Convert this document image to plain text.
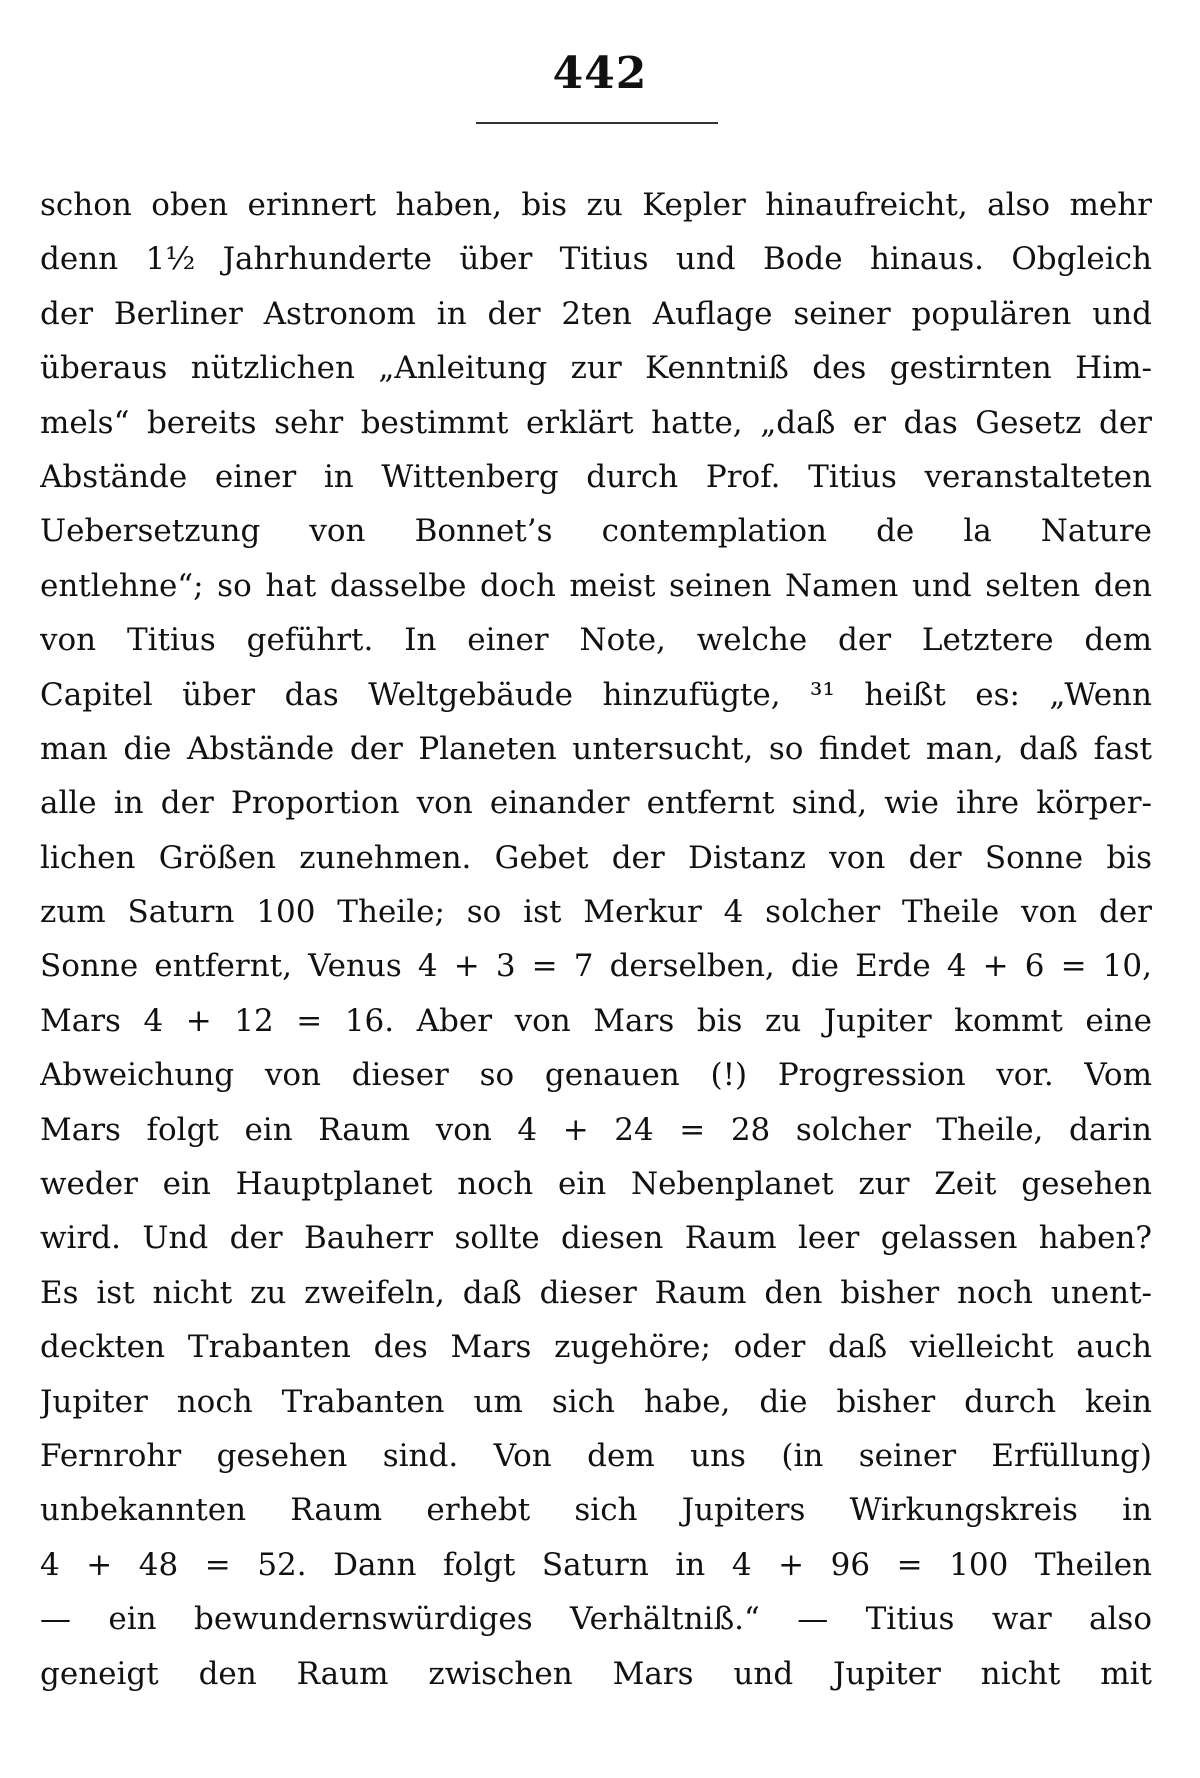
442
schon oben erinnert haben, bis zu Kepler hinaufreicht, also mehr
denn 1½ Jahrhunderte über Titius und Bode hinaus. Obgleich
der Berliner Astronom in der 2ten Auflage seiner populären und
überaus nützlichen „Anleitung zur Kenntniß des gestirnten Him-
mels“ bereits sehr bestimmt erklärt hatte, „daß er das Gesetz der
Abstände einer in Wittenberg durch Prof. Titius veranstalteten
Uebersetzung von Bonnet’s contemplation de la Nature
entlehne“; so hat dasselbe doch meist seinen Namen und selten den
von Titius geführt. In einer Note, welche der Letztere dem
Capitel über das Weltgebäude hinzufügte, ³¹ heißt es: „Wenn
man die Abstände der Planeten untersucht, so findet man, daß fast
alle in der Proportion von einander entfernt sind, wie ihre körper-
lichen Größen zunehmen. Gebet der Distanz von der Sonne bis
zum Saturn 100 Theile; so ist Merkur 4 solcher Theile von der
Sonne entfernt, Venus 4 + 3 = 7 derselben, die Erde 4 + 6 = 10,
Mars 4 + 12 = 16. Aber von Mars bis zu Jupiter kommt eine
Abweichung von dieser so genauen (!) Progression vor. Vom
Mars folgt ein Raum von 4 + 24 = 28 solcher Theile, darin
weder ein Hauptplanet noch ein Nebenplanet zur Zeit gesehen
wird. Und der Bauherr sollte diesen Raum leer gelassen haben?
Es ist nicht zu zweifeln, daß dieser Raum den bisher noch unent-
deckten Trabanten des Mars zugehöre; oder daß vielleicht auch
Jupiter noch Trabanten um sich habe, die bisher durch kein
Fernrohr gesehen sind. Von dem uns (in seiner Erfüllung)
unbekannten Raum erhebt sich Jupiters Wirkungskreis in
4 + 48 = 52. Dann folgt Saturn in 4 + 96 = 100 Theilen
— ein bewundernswürdiges Verhältniß.“ — Titius war also
geneigt den Raum zwischen Mars und Jupiter nicht mit
